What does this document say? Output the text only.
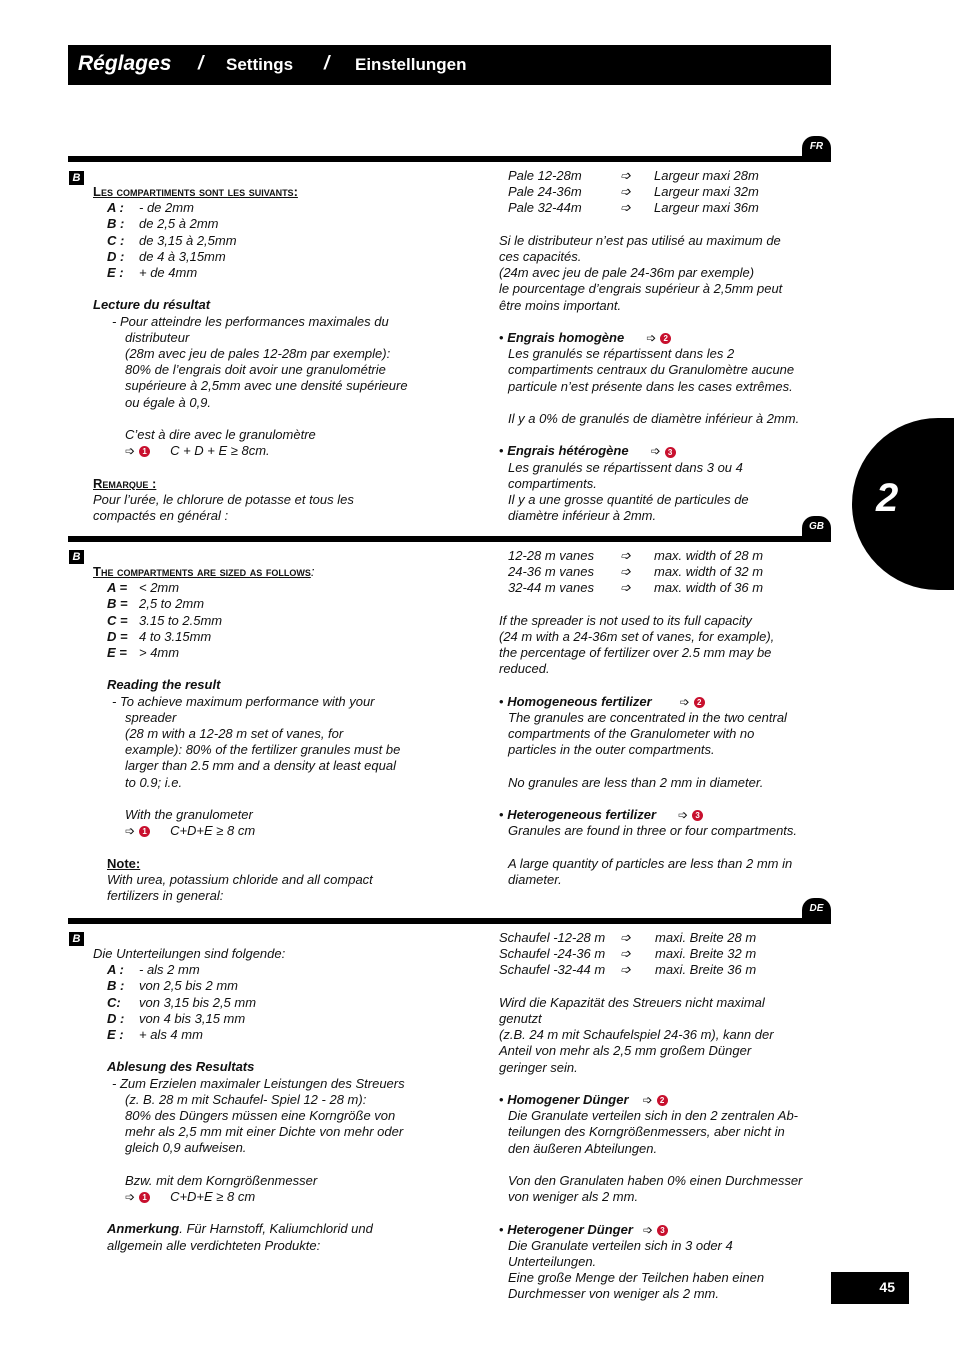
Réglages / Settings / Einstellungen
2
FR
B
Les compartiments sont les suivants:
A : - de 2mm
B : de 2,5 à 2mm
C : de 3,15 à 2,5mm
D : de 4 à 3,15mm
E : + de 4mm

Lecture du résultat
- Pour atteindre les performances maximales du
distributeur
(28m avec jeu de pales 12-28m par exemple):
80% de l’engrais doit avoir une granulométrie
supérieure à 2,5mm avec une densité supérieure
ou égale à 0,9.

C’est à dire avec le granulomètre
➩ 1 C + D + E ≥ 8cm.

Remarque :
Pour l’urée, le chlorure de potasse et tous les
compactés en général :
Pale 12-28m	➩	Largeur maxi 28m
Pale 24-36m	➩	Largeur maxi 32m
Pale 32-44m	➩	Largeur maxi 36m

Si le distributeur n’est pas utilisé au maximum de
ces capacités.
(24m avec jeu de pale 24-36m par exemple)
le pourcentage d’engrais supérieur à 2,5mm peut
être moins important.

• Engrais homogène ➩ 2
Les granulés se répartissent dans les 2
compartiments centraux du Granulomètre aucune
particule n’est présente dans les cases extrêmes.

Il y a 0% de granulés de diamètre inférieur à 2mm.

• Engrais hétérogène ➩ 3
Les granulés se répartissent dans 3 ou 4
compartiments.
Il y a une grosse quantité de particules de
diamètre inférieur à 2mm.
GB
B
The compartments are sized as follows:
A = < 2mm
B = 2,5 to 2mm
C = 3.15 to 2.5mm
D = 4 to 3.15mm
E = > 4mm

Reading the result
- To achieve maximum performance with your
spreader
(28 m with a 12-28 m set of vanes, for
example): 80% of the fertilizer granules must be
larger than 2.5 mm and a density at least equal
to 0.9; i.e.

With the granulometer
➩ 1 C+D+E ≥ 8 cm

Note:
With urea, potassium chloride and all compact
fertilizers in general:
12-28 m vanes	➩	max. width of 28 m
24-36 m vanes	➩	max. width of 32 m
32-44 m vanes	➩	max. width of 36 m

If the spreader is not used to its full capacity
(24 m with a 24-36m set of vanes, for example),
the percentage of fertilizer over 2.5 mm may be
reduced.

• Homogeneous fertilizer ➩ 2
The granules are concentrated in the two central
compartments of the Granulometer with no
particles in the outer compartments.

No granules are less than 2 mm in diameter.

• Heterogeneous fertilizer ➩ 3
Granules are found in three or four compartments.

A large quantity of particles are less than 2 mm in
diameter.
DE
B
Die Unterteilungen sind folgende:
A : - als 2 mm
B : von 2,5 bis 2 mm
C: von 3,15 bis 2,5 mm
D : von 4 bis 3,15 mm
E : + als 4 mm

Ablesung des Resultats
- Zum Erzielen maximaler Leistungen des Streuers
(z. B. 28 m mit Schaufel- Spiel 12 - 28 m):
80% des Düngers müssen eine Korngröße von
mehr als 2,5 mm mit einer Dichte von mehr oder
gleich 0,9 aufweisen.

Bzw. mit dem Korngrößenmesser
➩ 1 C+D+E ≥ 8 cm

Anmerkung. Für Harnstoff, Kaliumchlorid und
allgemein alle verdichteten Produkte:
Schaufel -12-28 m	➩	maxi. Breite 28 m
Schaufel -24-36 m	➩	maxi. Breite 32 m
Schaufel -32-44 m	➩	maxi. Breite 36 m

Wird die Kapazität des Streuers nicht maximal
genutzt
(z.B. 24 m mit Schaufelspiel 24-36 m), kann der
Anteil von mehr als 2,5 mm großem Dünger
geringer sein.

• Homogener Dünger ➩ 2
Die Granulate verteilen sich in den 2 zentralen Ab-
teilungen des Korngrößenmessers, aber nicht in
den äußeren Abteilungen.

Von den Granulaten haben 0% einen Durchmesser
von weniger als 2 mm.

• Heterogener Dünger ➩ 3
Die Granulate verteilen sich in 3 oder 4
Unterteilungen.
Eine große Menge der Teilchen haben einen
Durchmesser von weniger als 2 mm.	45
